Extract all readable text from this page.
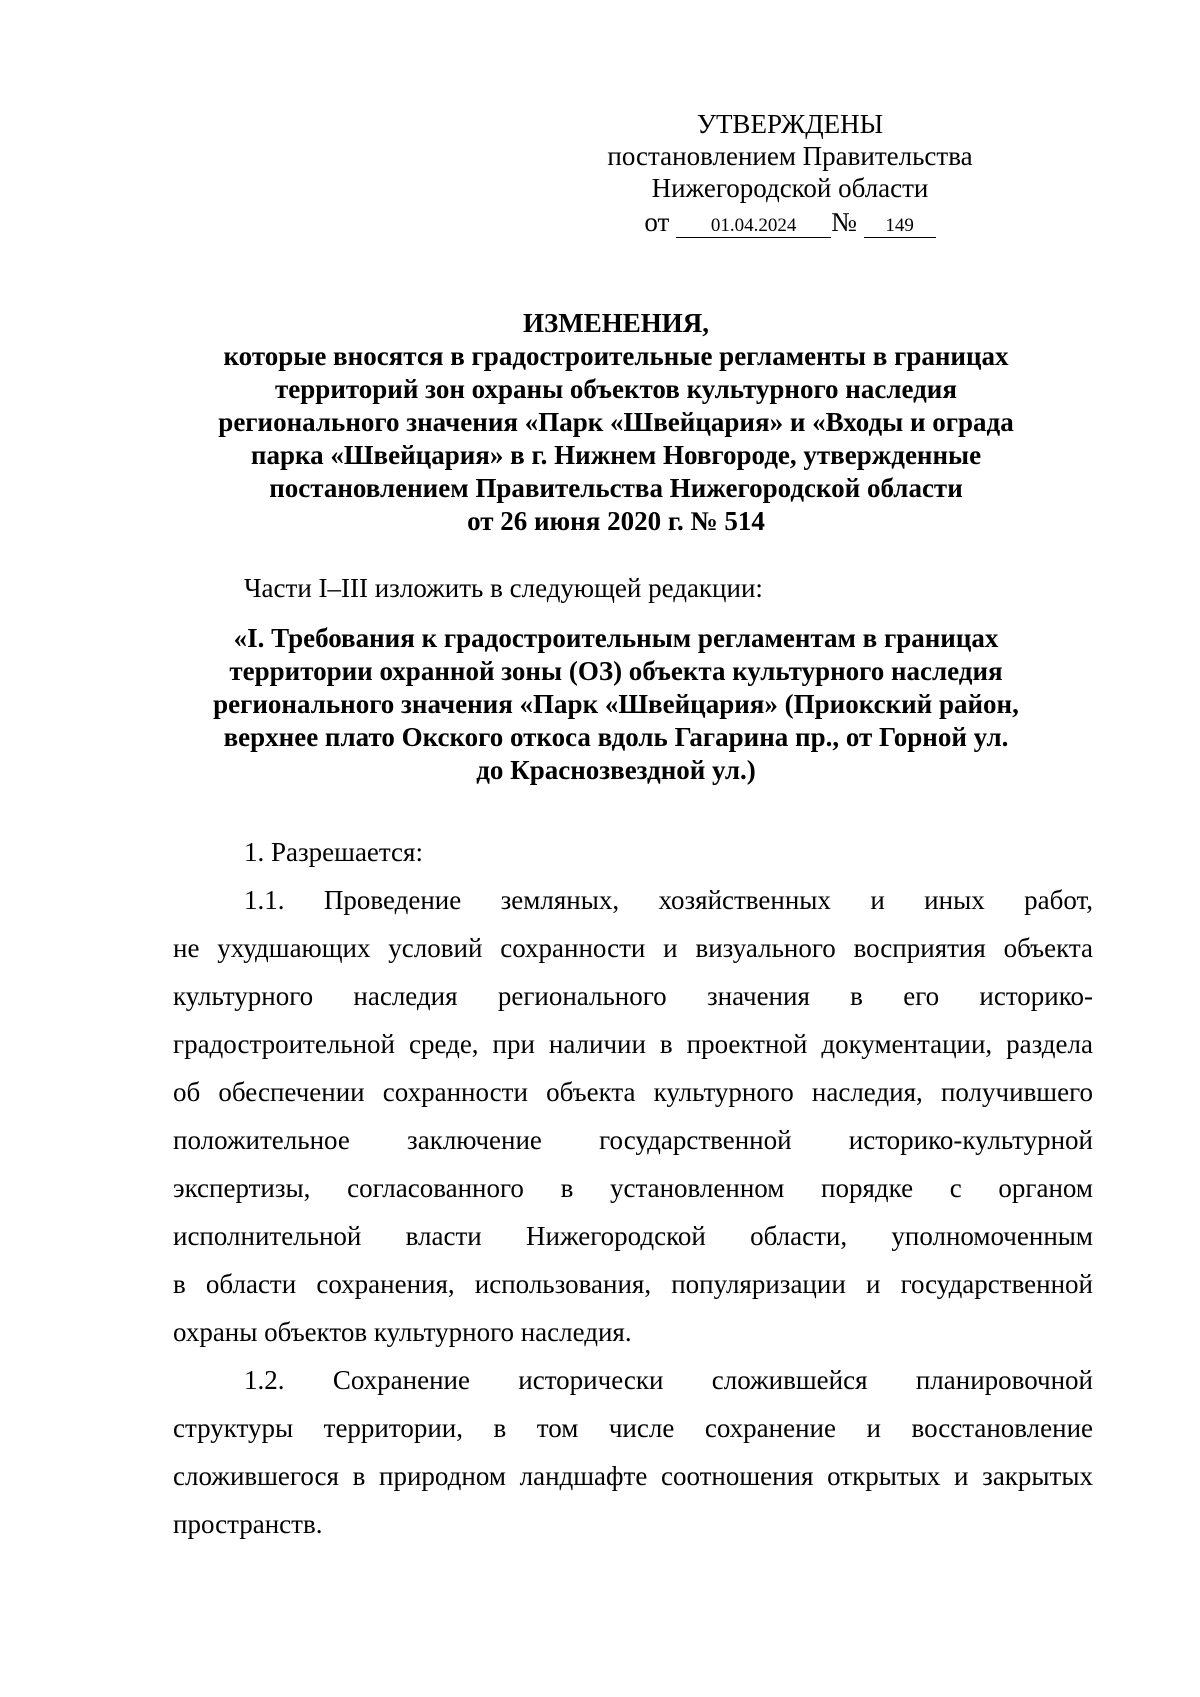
УТВЕРЖДЕНЫ
постановлением Правительства
Нижегородской области
от 01.04.2024 № 149
ИЗМЕНЕНИЯ,
которые вносятся в градостроительные регламенты в границах
территорий зон охраны объектов культурного наследия
регионального значения «Парк «Швейцария» и «Входы и ограда
парка «Швейцария» в г. Нижнем Новгороде, утвержденные
постановлением Правительства Нижегородской области
от 26 июня 2020 г. № 514
Части I–III изложить в следующей редакции:
«I. Требования к градостроительным регламентам в границах
территории охранной зоны (ОЗ) объекта культурного наследия
регионального значения «Парк «Швейцария» (Приокский район,
верхнее плато Окского откоса вдоль Гагарина пр., от Горной ул.
до Краснозвездной ул.)
1. Разрешается:
1.1. Проведение земляных, хозяйственных и иных работ,
не ухудшающих условий сохранности и визуального восприятия объекта
культурного наследия регионального значения в его историко-
градостроительной среде, при наличии в проектной документации, раздела
об обеспечении сохранности объекта культурного наследия, получившего
положительное заключение государственной историко-культурной
экспертизы, согласованного в установленном порядке с органом
исполнительной власти Нижегородской области, уполномоченным
в области сохранения, использования, популяризации и государственной
охраны объектов культурного наследия.
1.2. Сохранение исторически сложившейся планировочной
структуры территории, в том числе сохранение и восстановление
сложившегося в природном ландшафте соотношения открытых и закрытых
пространств.
